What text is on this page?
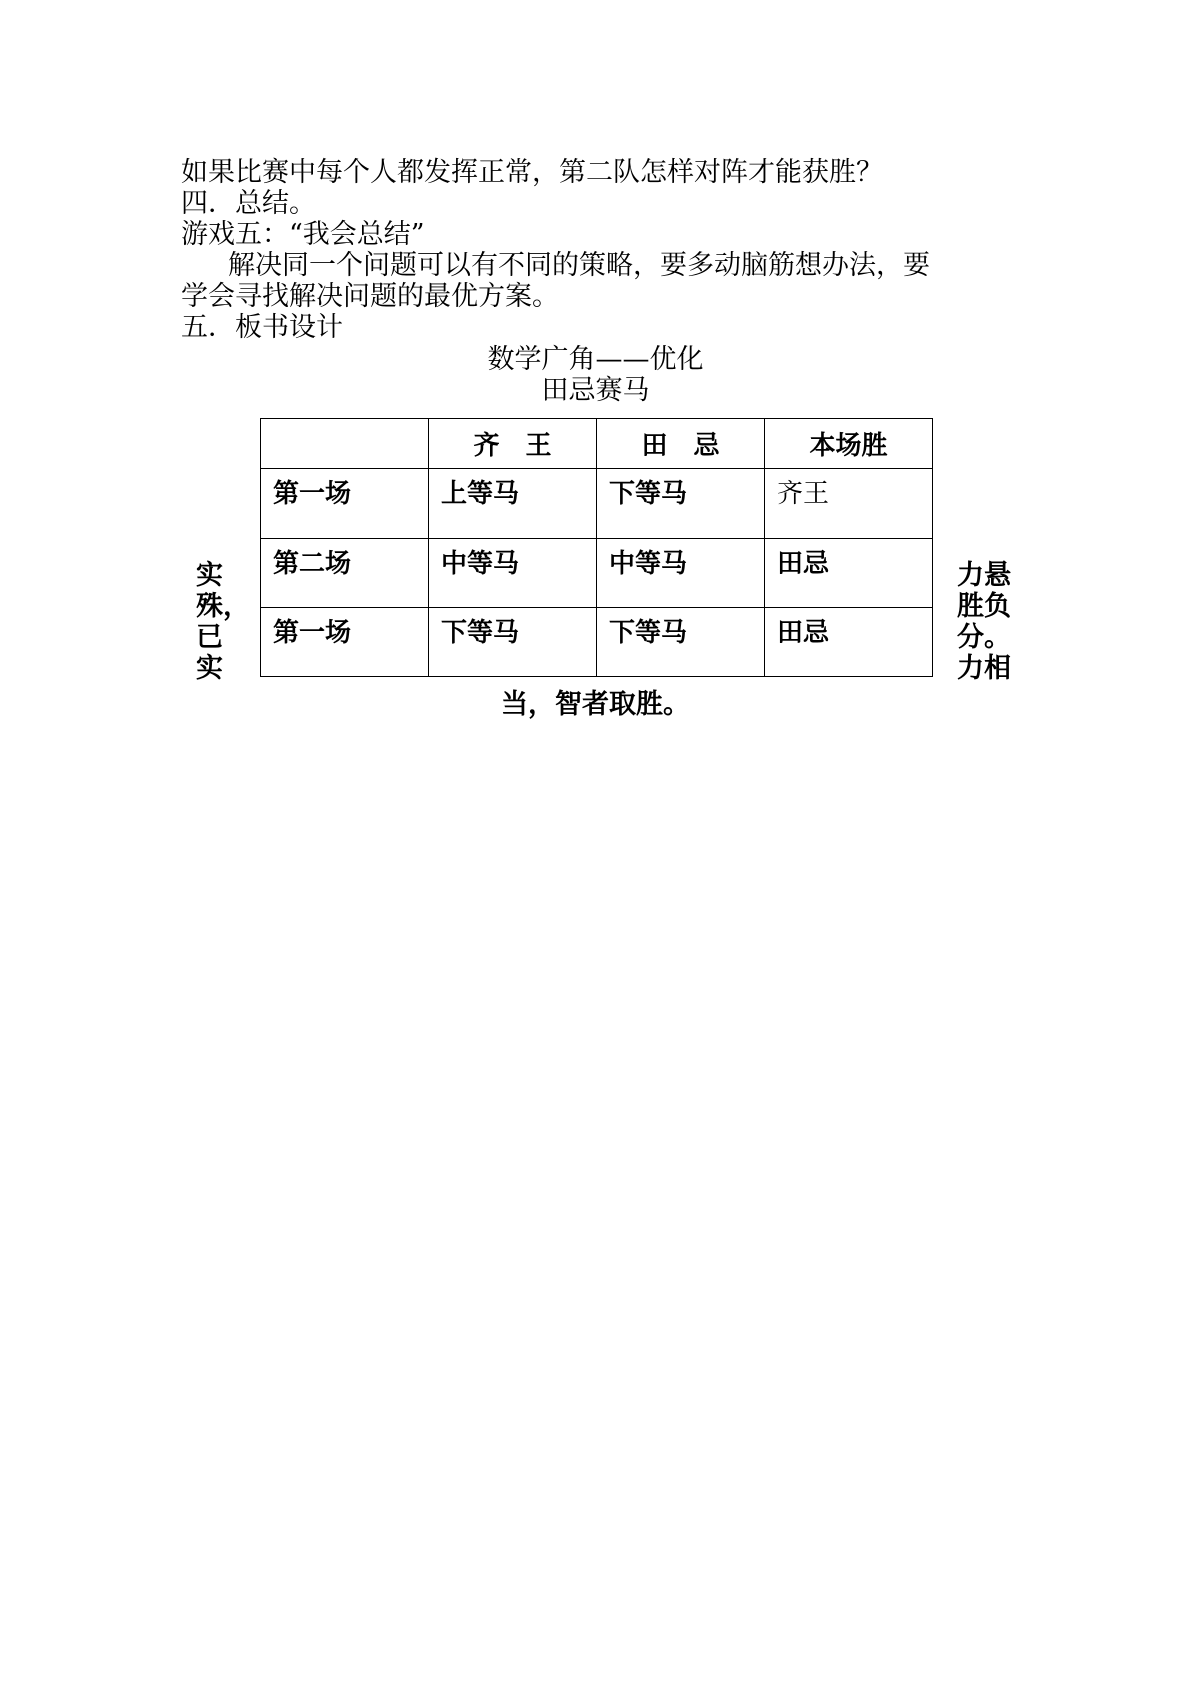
如果比赛中每个人都发挥正常，第二队怎样对阵才能获胜？
四．总结。
游戏五：“我会总结”
解决同一个问题可以有不同的策略，要多动脑筋想办法，要
学会寻找解决问题的最优方案。
五．板书设计
数学广角——优化
田忌赛马
实
殊，
已
实
	齐　王	田　忌	本场胜
第一场	上等马	下等马	齐王
第二场	中等马	中等马	田忌
第一场	下等马	下等马	田忌
力悬
胜负
分。
力相
当，智者取胜。
